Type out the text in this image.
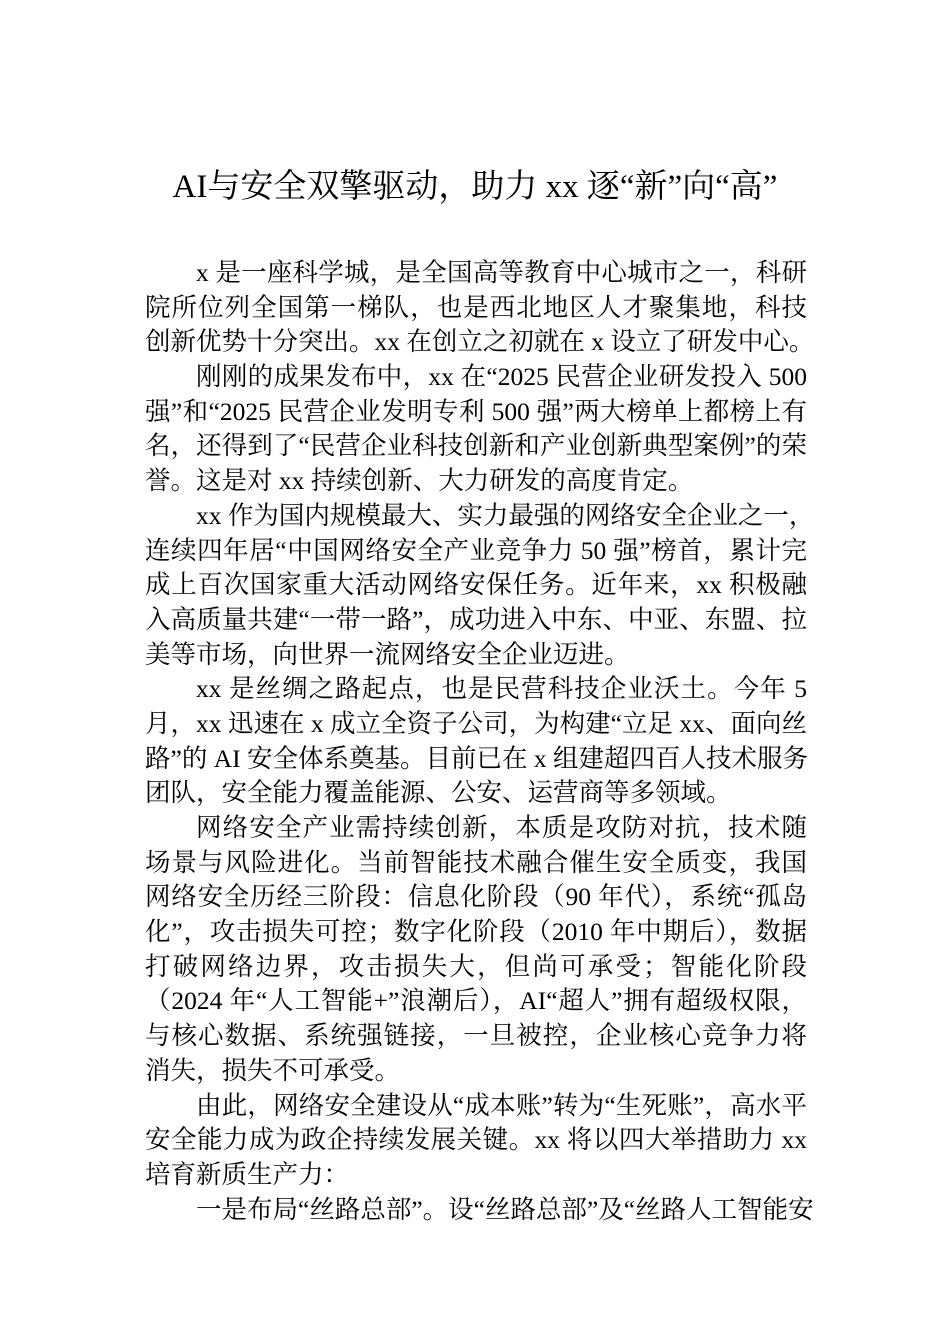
AI与安全双擎驱动，助力 xx 逐“新”向“高”
x 是一座科学城，是全国高等教育中心城市之一，科研
院所位列全国第一梯队，也是西北地区人才聚集地，科技
创新优势十分突出。xx 在创立之初就在 x 设立了研发中心。
刚刚的成果发布中，xx 在“2025 民营企业研发投入 500
强”和“2025 民营企业发明专利 500 强”两大榜单上都榜上有
名，还得到了“民营企业科技创新和产业创新典型案例”的荣
誉。这是对 xx 持续创新、大力研发的高度肯定。
xx 作为国内规模最大、实力最强的网络安全企业之一，
连续四年居“中国网络安全产业竞争力 50 强”榜首，累计完
成上百次国家重大活动网络安保任务。近年来，xx 积极融
入高质量共建“一带一路”，成功进入中东、中亚、东盟、拉
美等市场，向世界一流网络安全企业迈进。
xx 是丝绸之路起点，也是民营科技企业沃土。今年 5
月，xx 迅速在 x 成立全资子公司，为构建“立足 xx、面向丝
路”的 AI 安全体系奠基。目前已在 x 组建超四百人技术服务
团队，安全能力覆盖能源、公安、运营商等多领域。
网络安全产业需持续创新，本质是攻防对抗，技术随
场景与风险进化。当前智能技术融合催生安全质变，我国
网络安全历经三阶段：信息化阶段（90 年代），系统“孤岛
化”，攻击损失可控；数字化阶段（2010 年中期后），数据
打破网络边界，攻击损失大，但尚可承受；智能化阶段
（2024 年“人工智能+”浪潮后），AI“超人”拥有超级权限，
与核心数据、系统强链接，一旦被控，企业核心竞争力将
消失，损失不可承受。
由此，网络安全建设从“成本账”转为“生死账”，高水平
安全能力成为政企持续发展关键。xx 将以四大举措助力 xx
培育新质生产力：
一是布局“丝路总部”。设“丝路总部”及“丝路人工智能安
